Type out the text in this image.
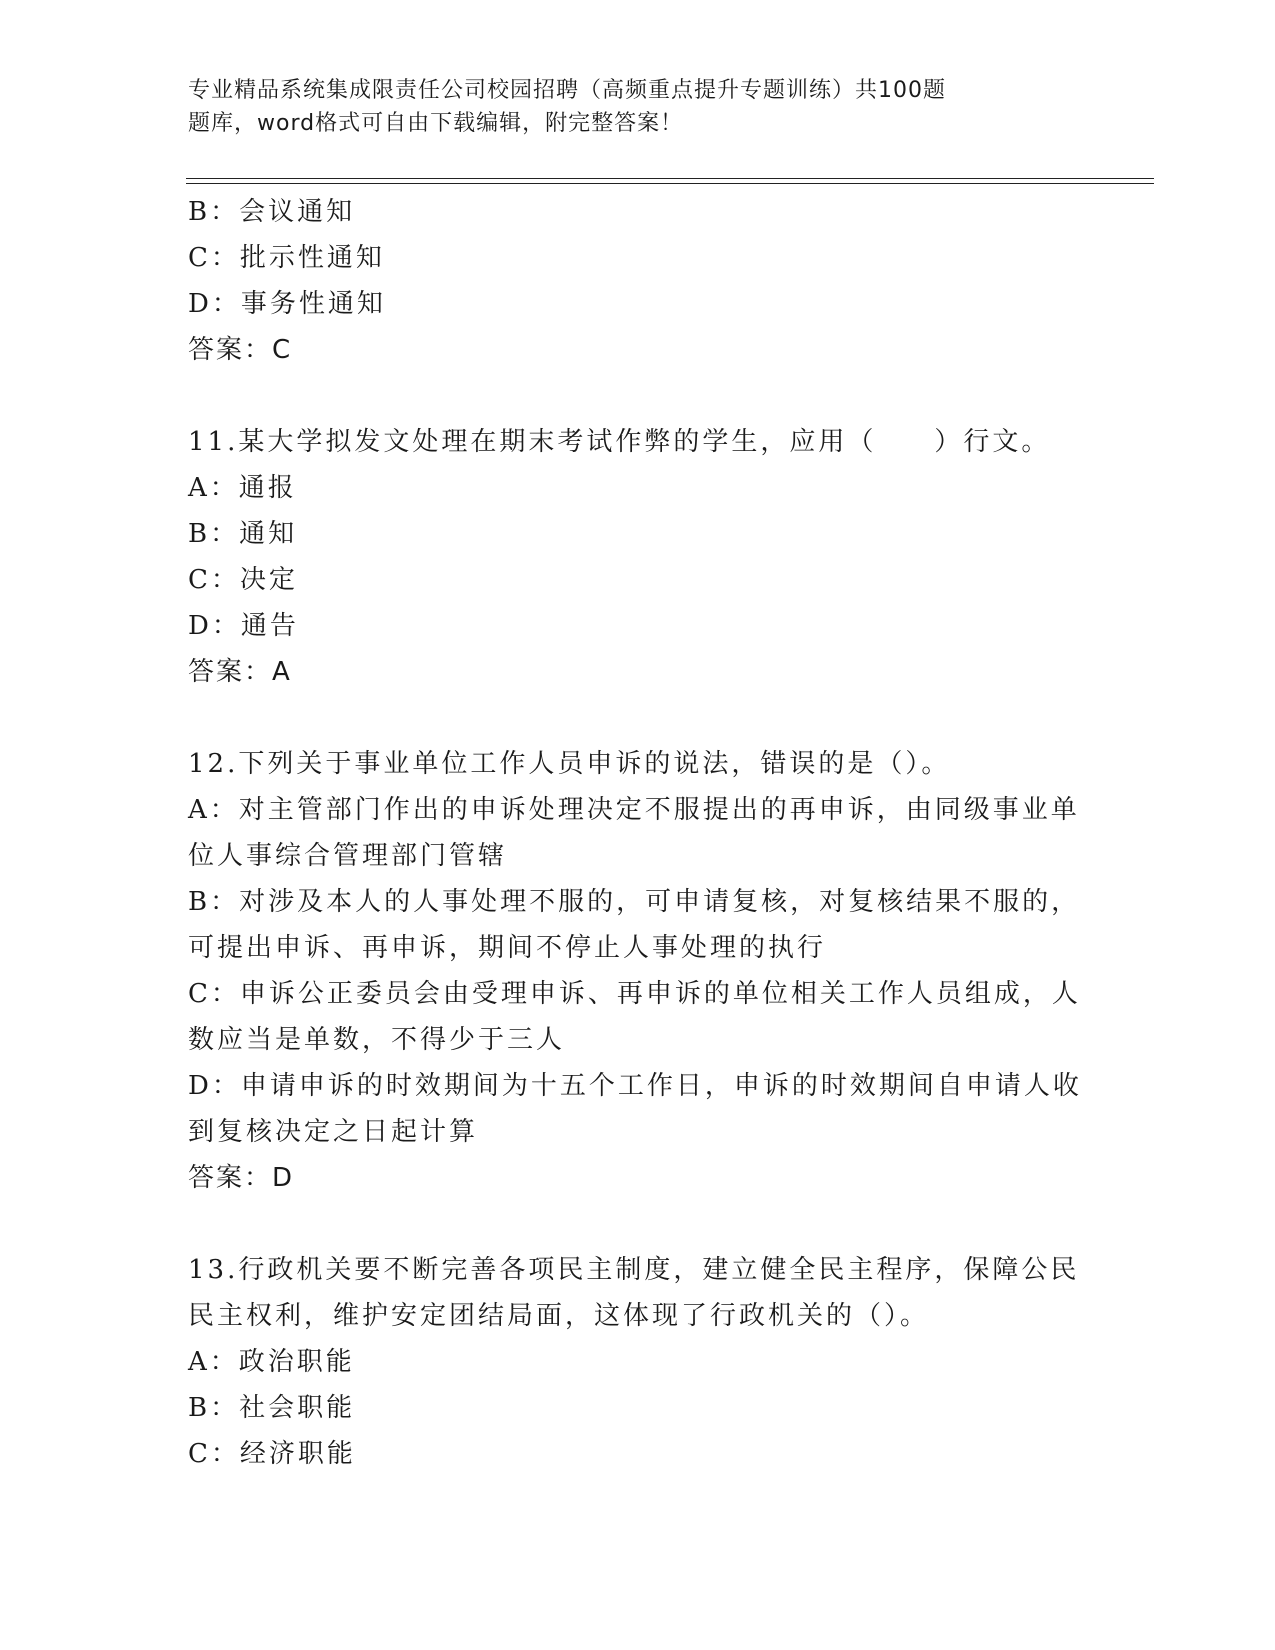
专业精品系统集成限责任公司校园招聘（高频重点提升专题训练）共100题
题库，word格式可自由下载编辑，附完整答案！
B：会议通知
C：批示性通知
D：事务性通知
答案：C
11.某大学拟发文处理在期末考试作弊的学生，应用（　　）行文。
A：通报
B：通知
C：决定
D：通告
答案：A
12.下列关于事业单位工作人员申诉的说法，错误的是（）。
A：对主管部门作出的申诉处理决定不服提出的再申诉，由同级事业单
位人事综合管理部门管辖
B：对涉及本人的人事处理不服的，可申请复核，对复核结果不服的，
可提出申诉、再申诉，期间不停止人事处理的执行
C：申诉公正委员会由受理申诉、再申诉的单位相关工作人员组成，人
数应当是单数，不得少于三人
D：申请申诉的时效期间为十五个工作日，申诉的时效期间自申请人收
到复核决定之日起计算
答案：D
13.行政机关要不断完善各项民主制度，建立健全民主程序，保障公民
民主权利，维护安定团结局面，这体现了行政机关的（）。
A：政治职能
B：社会职能
C：经济职能
